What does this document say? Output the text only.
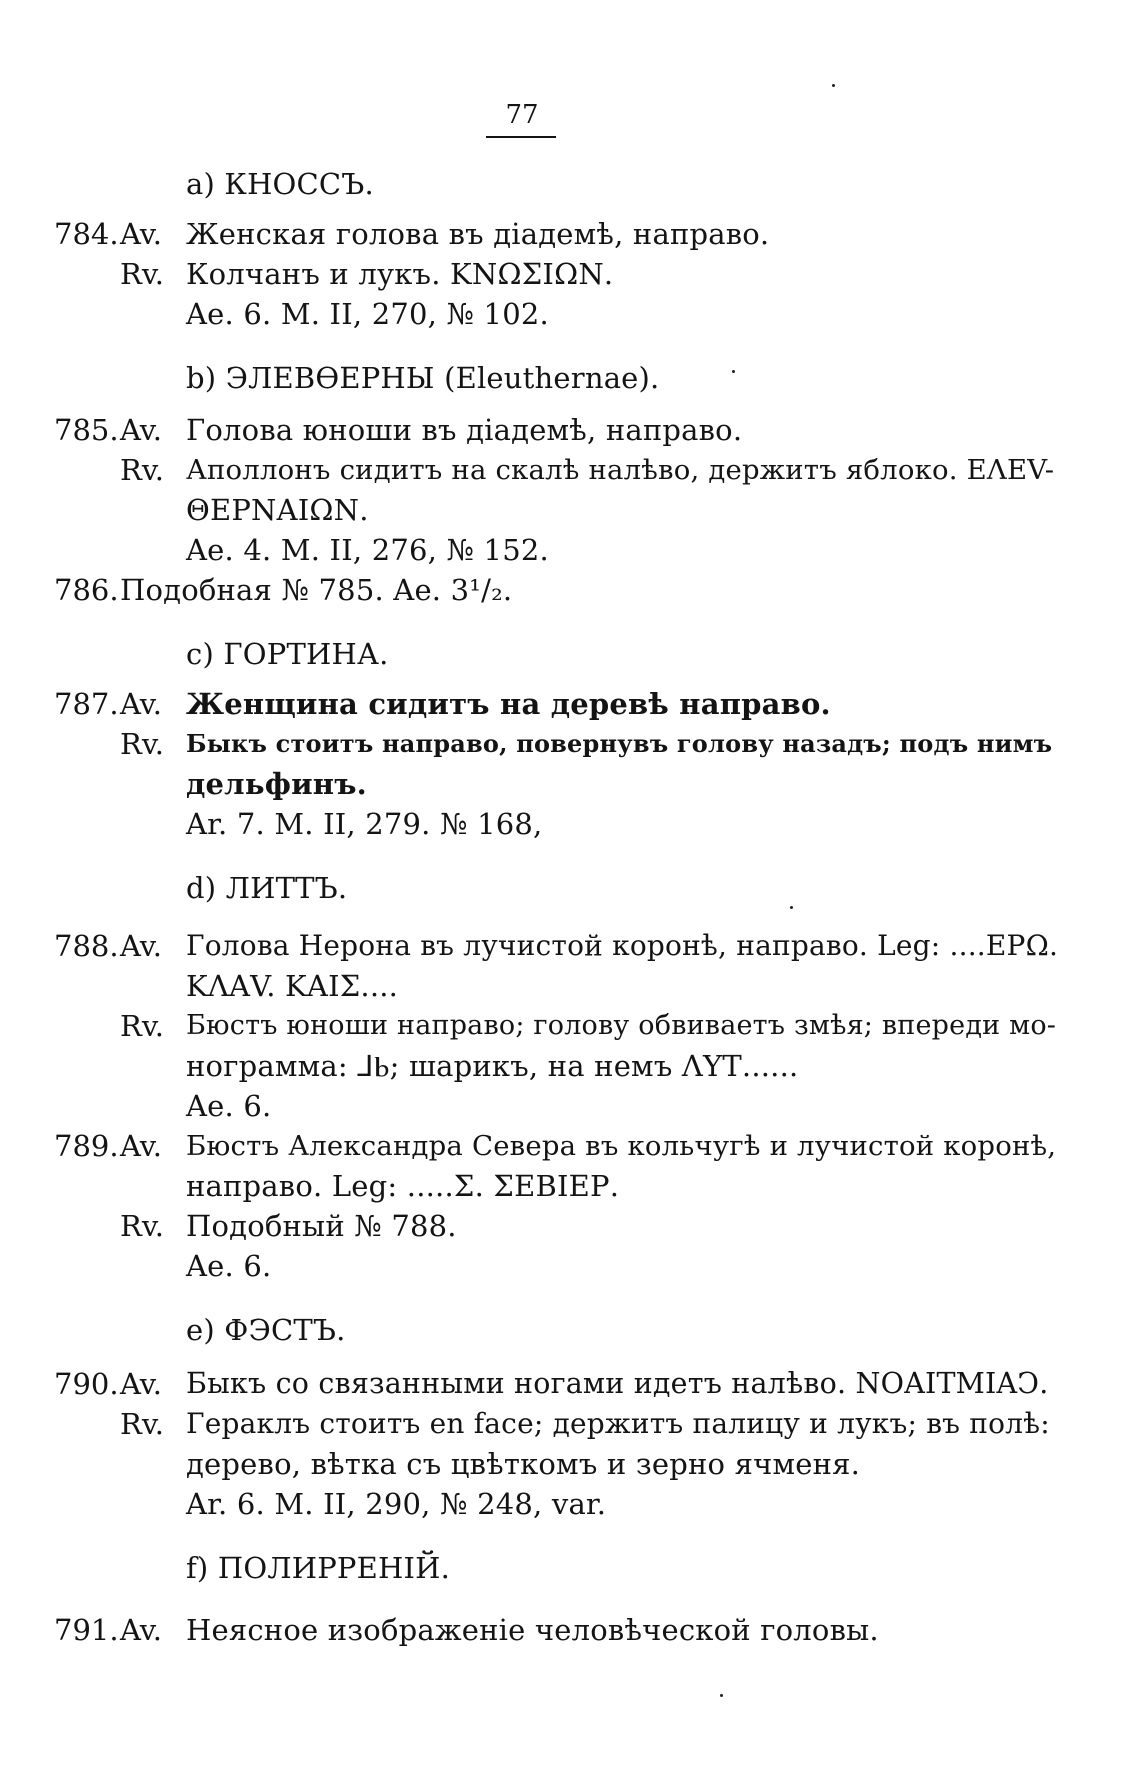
77
а) КНОССЪ.
784. Av. Женская голова въ діадемѣ, направо.
Rv. Колчанъ и лукъ. ΚΝΩΣΙΩΝ.
Ae. 6. M. II, 270, № 102.
b) ЭЛЕВѲЕРНЫ (Eleuthernae).
785. Av. Голова юноши въ діадемѣ, направо.
Rv. Аполлонъ сидитъ на скалѣ налѣво, держитъ яблоко. ΕΛΕV-
ΘΕΡΝΑΙΩΝ.
Ae. 4. M. II, 276, № 152.
786. Подобная № 785. Ae. 3¹/₂.
c) ГОРТИНА.
787. Av. Женщина сидитъ на деревѣ направо.
Rv. Быкъ стоитъ направо, повернувъ голову назадъ; подъ нимъ
дельфинъ.
Ar. 7. M. II, 279. № 168,
d) ЛИТТЪ.
788. Av. Голова Нерона въ лучистой коронѣ, направо. Leg: ....ΕΡΩ.
ΚΛΑV. ΚΑΙΣ....
Rv. Бюстъ юноши направо; голову обвиваетъ змѣя; впереди мо-
нограмма: ⅃Ⱃ; шарикъ, на немъ ΛΥΤ......
Ae. 6.
789. Av. Бюстъ Александра Севера въ кольчугѣ и лучистой коронѣ,
направо. Leg: .....Σ. ΣΕΒΙΕΡ.
Rv. Подобный № 788.
Ae. 6.
e) ФЭСТЪ.
790. Av. Быкъ со связанными ногами идетъ налѣво. ΝΟΑΙΤΜΙΑϽ.
Rv. Гераклъ стоитъ en face; держитъ палицу и лукъ; въ полѣ:
дерево, вѣтка съ цвѣткомъ и зерно ячменя.
Ar. 6. M. II, 290, № 248, var.
f) ПОЛИРРЕНІЙ.
791. Av. Неясное изображеніе человѣческой головы.
